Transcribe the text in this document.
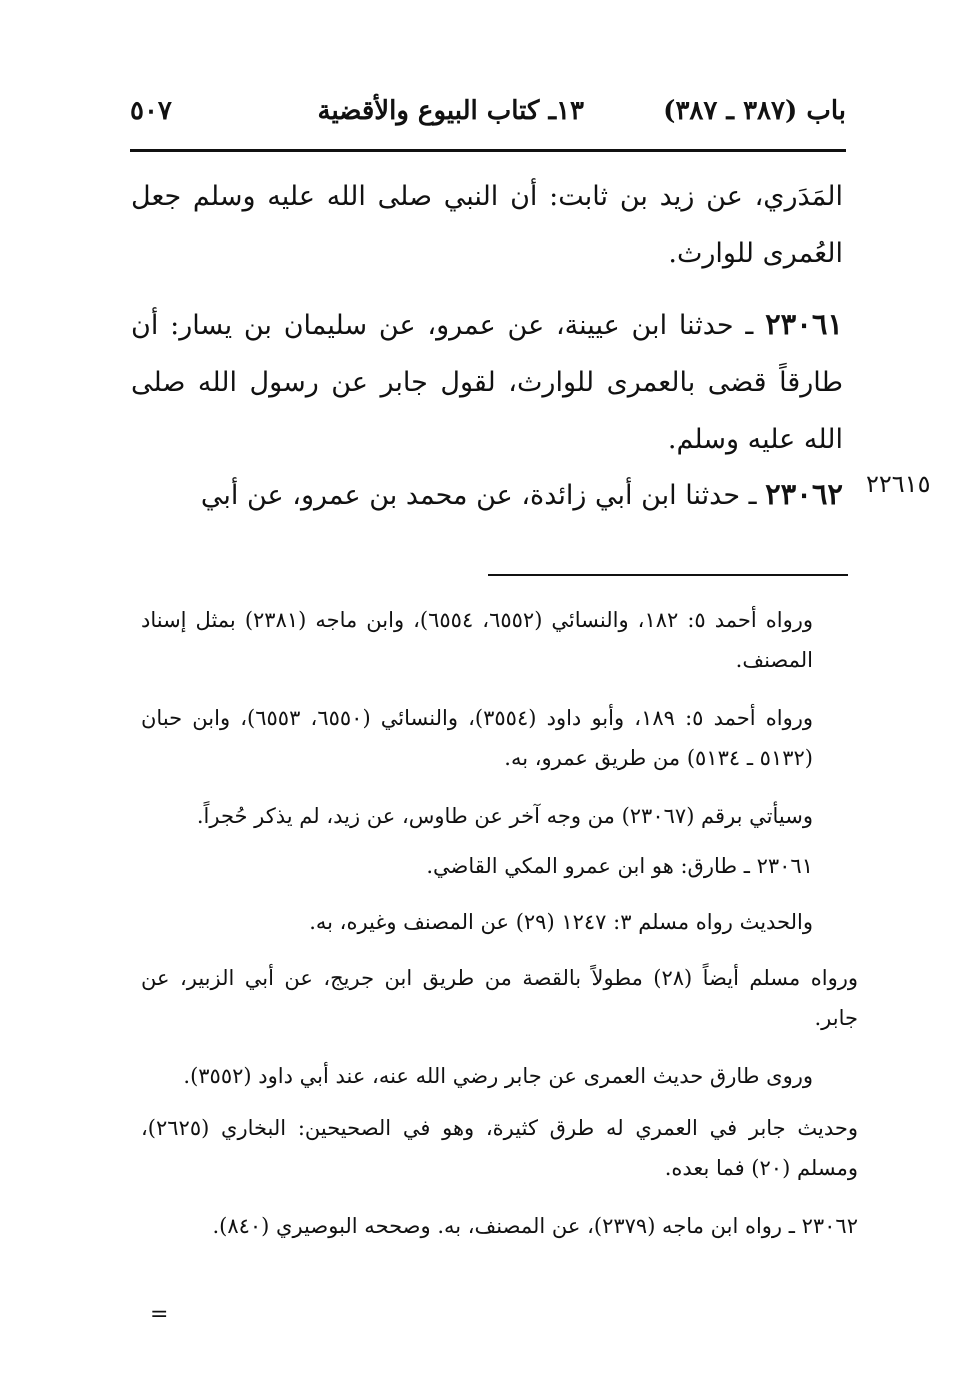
باب (٣٨٧ ـ ٣٨٧)
١٣ـ كتاب البيوع والأقضية
٥٠٧

المَدَري، عن زيد بن ثابت: أن النبي صلى الله عليه وسلم جعل العُمرى للوارث.

٢٣٠٦١ ـ حدثنا ابن عيينة، عن عمرو، عن سليمان بن يسار: أن طارقاً قضى بالعمرى للوارث، لقول جابر عن رسول الله صلى الله عليه وسلم.

٢٣٠٦٢ ـ حدثنا ابن أبي زائدة، عن محمد بن عمرو، عن أبي	٢٢٦١٥

ورواه أحمد ٥: ١٨٢، والنسائي (٦٥٥٢، ٦٥٥٤)، وابن ماجه (٢٣٨١) بمثل إسناد المصنف.

ورواه أحمد ٥: ١٨٩، وأبو داود (٣٥٥٤)، والنسائي (٦٥٥٠، ٦٥٥٣)، وابن حبان (٥١٣٢ ـ ٥١٣٤) من طريق عمرو، به.

وسيأتي برقم (٢٣٠٦٧) من وجه آخر عن طاوس، عن زيد، لم يذكر حُجراً.

٢٣٠٦١ ـ طارق: هو ابن عمرو المكي القاضي.

والحديث رواه مسلم ٣: ١٢٤٧ (٢٩) عن المصنف وغيره، به.

ورواه مسلم أيضاً (٢٨) مطولاً بالقصة من طريق ابن جريج، عن أبي الزبير، عن جابر.

وروى طارق حديث العمرى عن جابر رضي الله عنه، عند أبي داود (٣٥٥٢).

وحديث جابر في العمري له طرق كثيرة، وهو في الصحيحين: البخاري (٢٦٢٥)، ومسلم (٢٠) فما بعده.

٢٣٠٦٢ ـ رواه ابن ماجه (٢٣٧٩)، عن المصنف، به. وصححه البوصيري (٨٤٠).

=
